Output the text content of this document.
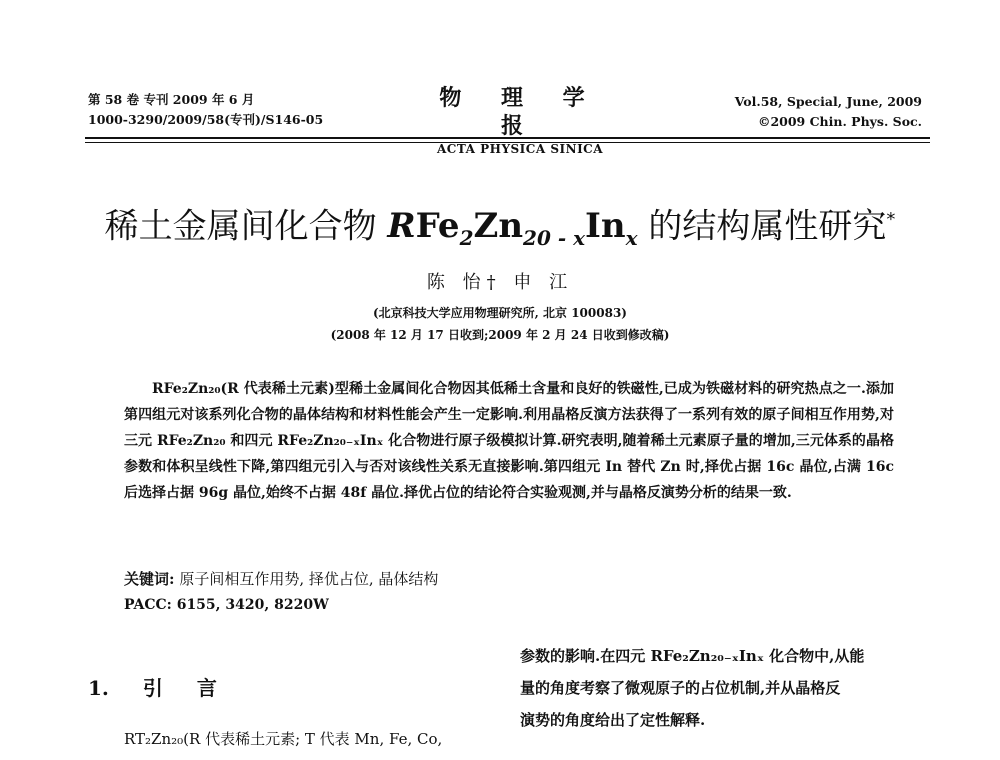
第 58 卷 专刊 2009 年 6 月
1000-3290/2009/58(专刊)/S146-05
物 理 学 报
ACTA PHYSICA SINICA
Vol.58, Special, June, 2009
©2009 Chin. Phys. Soc.
稀土金属间化合物 $RFe_2Zn_{20 - x}In_x$ 的结构属性研究*
陈 怡† 申 江
(北京科技大学应用物理研究所, 北京 100083)
(2008 年 12 月 17 日收到;2009 年 2 月 24 日收到修改稿)

RFe₂Zn₂₀(R 代表稀土元素)型稀土金属间化合物因其低稀土含量和良好的铁磁性,已成为铁磁材料的研究热点之一.添加第四组元对该系列化合物的晶体结构和材料性能会产生一定影响.利用晶格反演方法获得了一系列有效的原子间相互作用势,对三元 RFe₂Zn₂₀ 和四元 RFe₂Zn₂₀₋ₓInₓ 化合物进行原子级模拟计算.研究表明,随着稀土元素原子量的增加,三元体系的晶格参数和体积呈线性下降,第四组元引入与否对该线性关系无直接影响.第四组元 In 替代 Zn 时,择优占据 16c 晶位,占满 16c 后选择占据 96g 晶位,始终不占据 48f 晶位.择优占位的结论符合实验观测,并与晶格反演势分析的结果一致.

关键词: 原子间相互作用势, 择优占位, 晶体结构
PACC: 6155, 3420, 8220W
1. 引 言
RT₂Zn₂₀(R 代表稀土元素; T 代表 Mn, Fe, Co,

参数的影响.在四元 RFe₂Zn₂₀₋ₓInₓ 化合物中,从能

量的角度考察了微观原子的占位机制,并从晶格反

演势的角度给出了定性解释.
